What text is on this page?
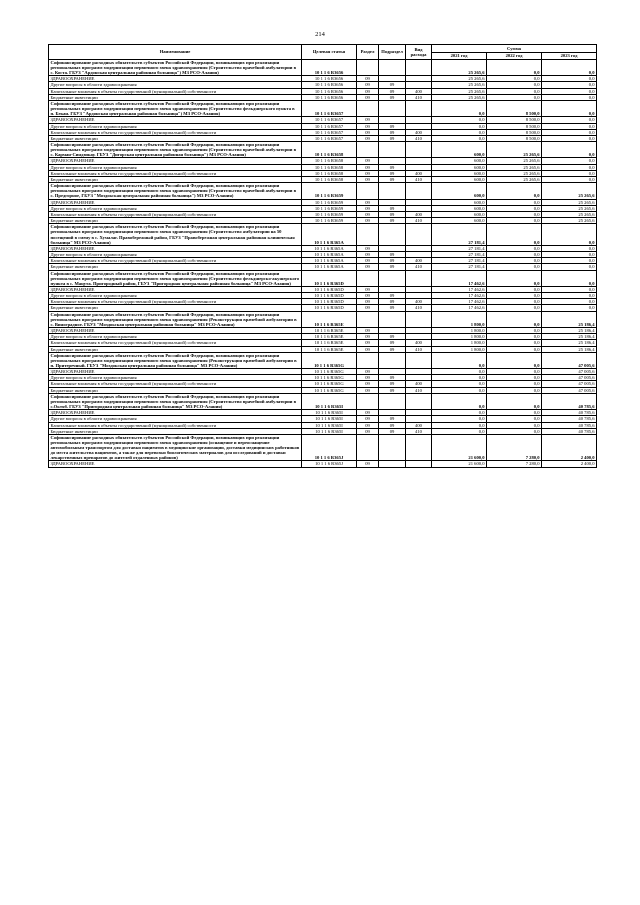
214
Наименование	Целевая статья	Раздел	Подраздел	Вид расхода	Сумма		
					2021 год	2022 год	2023 год
Софинансирование расходных обязательств субъектов Российской Федерации, возникающих при реализации региональных программ модернизации первичного звена здравоохранения (Строительство врачебной амбулатории в с. Коста. ГБУЗ "Ардонская центральная районная больница") МЗ РСО-Алания)	10 1 1 6 R3656				25 265,6	0,0	0,0
ЗДРАВООХРАНЕНИЕ	10 1 1 6 R3656	09			25 265,6	0,0	0,0
Другие вопросы в области здравоохранения	10 1 1 6 R3656	09	09		25 265,6	0,0	0,0
Капитальные вложения в объекты государственной (муниципальной) собственности	10 1 1 6 R3656	09	09	400	25 265,6	0,0	0,0
Бюджетные инвестиции	10 1 1 6 R3656	09	09	410	25 265,6	0,0	0,0
Софинансирование расходных обязательств субъектов Российской Федерации, возникающих при реализации региональных программ модернизации первичного звена здравоохранения (Строительство фельдшерского пункта в п. Бекан. ГБУЗ "Ардонская центральная районная больница") МЗ РСО-Алания)	10 1 1 6 R3657				0,0	8 500,0	0,0
ЗДРАВООХРАНЕНИЕ	10 1 1 6 R3657	09			0,0	8 500,0	0,0
Другие вопросы в области здравоохранения	10 1 1 6 R3657	09	09		0,0	8 500,0	0,0
Капитальные вложения в объекты государственной (муниципальной) собственности	10 1 1 6 R3657	09	09	400	0,0	8 500,0	0,0
Бюджетные инвестиции	10 1 1 6 R3657	09	09	410	0,0	8 500,0	0,0
Софинансирование расходных обязательств субъектов Российской Федерации, возникающих при реализации региональных программ модернизации первичного звена здравоохранения (Строительство врачебной амбулатории в с. Карман-Синдзикау. ГБУЗ "Дигорская центральная районная больница") МЗ РСО-Алания)	10 1 1 6 R3658				600,0	25 265,6	0,0
ЗДРАВООХРАНЕНИЕ	10 1 1 6 R3658	09			600,0	25 265,6	0,0
Другие вопросы в области здравоохранения	10 1 1 6 R3658	09	09		600,0	25 265,6	0,0
Капитальные вложения в объекты государственной (муниципальной) собственности	10 1 1 6 R3658	09	09	400	600,0	25 265,6	0,0
Бюджетные инвестиции	10 1 1 6 R3658	09	09	410	600,0	25 265,6	0,0
Софинансирование расходных обязательств субъектов Российской Федерации, возникающих при реализации региональных программ модернизации первичного звена здравоохранения (Строительство врачебной амбулатории в с. Предгорное, ГБУЗ "Моздокская центральная районная больница") МЗ РСО-Алания)	10 1 1 6 R3659				600,0	0,0	25 265,6
ЗДРАВООХРАНЕНИЕ	10 1 1 6 R3659	09			600,0	0,0	25 265,6
Другие вопросы в области здравоохранения	10 1 1 6 R3659	09	09		600,0	0,0	25 265,6
Капитальные вложения в объекты государственной (муниципальной) собственности	10 1 1 6 R3659	09	09	400	600,0	0,0	25 265,6
Бюджетные инвестиции	10 1 1 6 R3659	09	09	410	600,0	0,0	25 265,6
Софинансирование расходных обязательств субъектов Российской Федерации, возникающих при реализации региональных программ модернизации первичного звена здравоохранения (Строительство амбулатории на 50 посещений в смену в с. Хумалаг. Правобережный район, ГБУЗ "Правобережная центральная районная клиническая больница" МЗ РСО-Алания)	10 1 1 6 R365A				27 181,4	0,0	0,0
ЗДРАВООХРАНЕНИЕ	10 1 1 6 R365A	09			27 181,4	0,0	0,0
Другие вопросы в области здравоохранения	10 1 1 6 R365A	09	09		27 181,4	0,0	0,0
Капитальные вложения в объекты государственной (муниципальной) собственности	10 1 1 6 R365A	09	09	400	27 181,4	0,0	0,0
Бюджетные инвестиции	10 1 1 6 R365A	09	09	410	27 181,4	0,0	0,0
Софинансирование расходных обязательств субъектов Российской Федерации, возникающих при реализации региональных программ модернизации первичного звена здравоохранения (Строительство фельдшерско-акушерского пункта в с. Мацута. Пригородный район, ГБУЗ "Пригородная центральная районная больница" МЗ РСО-Алания)	10 1 1 6 R365D				17 462,6	0,0	0,0
ЗДРАВООХРАНЕНИЕ	10 1 1 6 R365D	09			17 462,6	0,0	0,0
Другие вопросы в области здравоохранения	10 1 1 6 R365D	09	09		17 462,6	0,0	0,0
Капитальные вложения в объекты государственной (муниципальной) собственности	10 1 1 6 R365D	09	09	400	17 462,6	0,0	0,0
Бюджетные инвестиции	10 1 1 6 R365D	09	09	410	17 462,6	0,0	0,0
Софинансирование расходных обязательств субъектов Российской Федерации, возникающих при реализации региональных программ модернизации первичного звена здравоохранения (Реконструкция врачебной амбулатории в с. Виноградное. ГБУЗ "Моздокская центральная районная больница" МЗ РСО-Алания)	10 1 1 6 R365E				1 800,0	0,0	25 186,4
ЗДРАВООХРАНЕНИЕ	10 1 1 6 R365E	09			1 800,0	0,0	25 186,4
Другие вопросы в области здравоохранения	10 1 1 6 R365E	09	09		1 800,0	0,0	25 186,4
Капитальные вложения в объекты государственной (муниципальной) собственности	10 1 1 6 R365E	09	09	400	1 800,0	0,0	25 186,4
Бюджетные инвестиции	10 1 1 6 R365E	09	09	410	1 800,0	0,0	25 186,4
Софинансирование расходных обязательств субъектов Российской Федерации, возникающих при реализации региональных программ модернизации первичного звена здравоохранения (Реконструкция врачебной амбулатории в п. Притеречный. ГБУЗ "Моздокская центральная районная больница" МЗ РСО-Алания)	10 1 1 6 R365G				0,0	0,0	47 005,6
ЗДРАВООХРАНЕНИЕ	10 1 1 6 R365G	09			0,0	0,0	47 005,6
Другие вопросы в области здравоохранения	10 1 1 6 R365G	09	09		0,0	0,0	47 005,6
Капитальные вложения в объекты государственной (муниципальной) собственности	10 1 1 6 R365G	09	09	400	0,0	0,0	47 005,6
Бюджетные инвестиции	10 1 1 6 R365G	09	09	410	0,0	0,0	47 005,6
Софинансирование расходных обязательств субъектов Российской Федерации, возникающих при реализации региональных программ модернизации первичного звена здравоохранения (Строительство врачебной амбулатории в с.Октяб. ГБУЗ "Пригородная центральная районная больница" МЗ РСО-Алания)	10 1 1 6 R365I				0,0	0,0	40 785,6
ЗДРАВООХРАНЕНИЕ	10 1 1 6 R365I	09			0,0	0,0	40 785,6
Другие вопросы в области здравоохранения	10 1 1 6 R365I	09	09		0,0	0,0	40 785,6
Капитальные вложения в объекты государственной (муниципальной) собственности	10 1 1 6 R365I	09	09	400	0,0	0,0	40 785,6
Бюджетные инвестиции	10 1 1 6 R365I	09	09	410	0,0	0,0	40 785,6
Софинансирование расходных обязательств субъектов Российской Федерации, возникающих при реализации региональных программ модернизации первичного звена здравоохранения (оснащение и переоснащение автомобильным транспортом для доставки пациентов в медицинские организации, доставки медицинских работников до места жительства пациентов, а также для перевозки биологических материалов для исследований и доставки лекарственных препаратов до жителей отдаленных районов)	10 1 1 6 R365J				21 600,0	7 280,0	2 400,0
ЗДРАВООХРАНЕНИЕ	10 1 1 6 R365J	09			21 600,0	7 280,0	2 400,0
